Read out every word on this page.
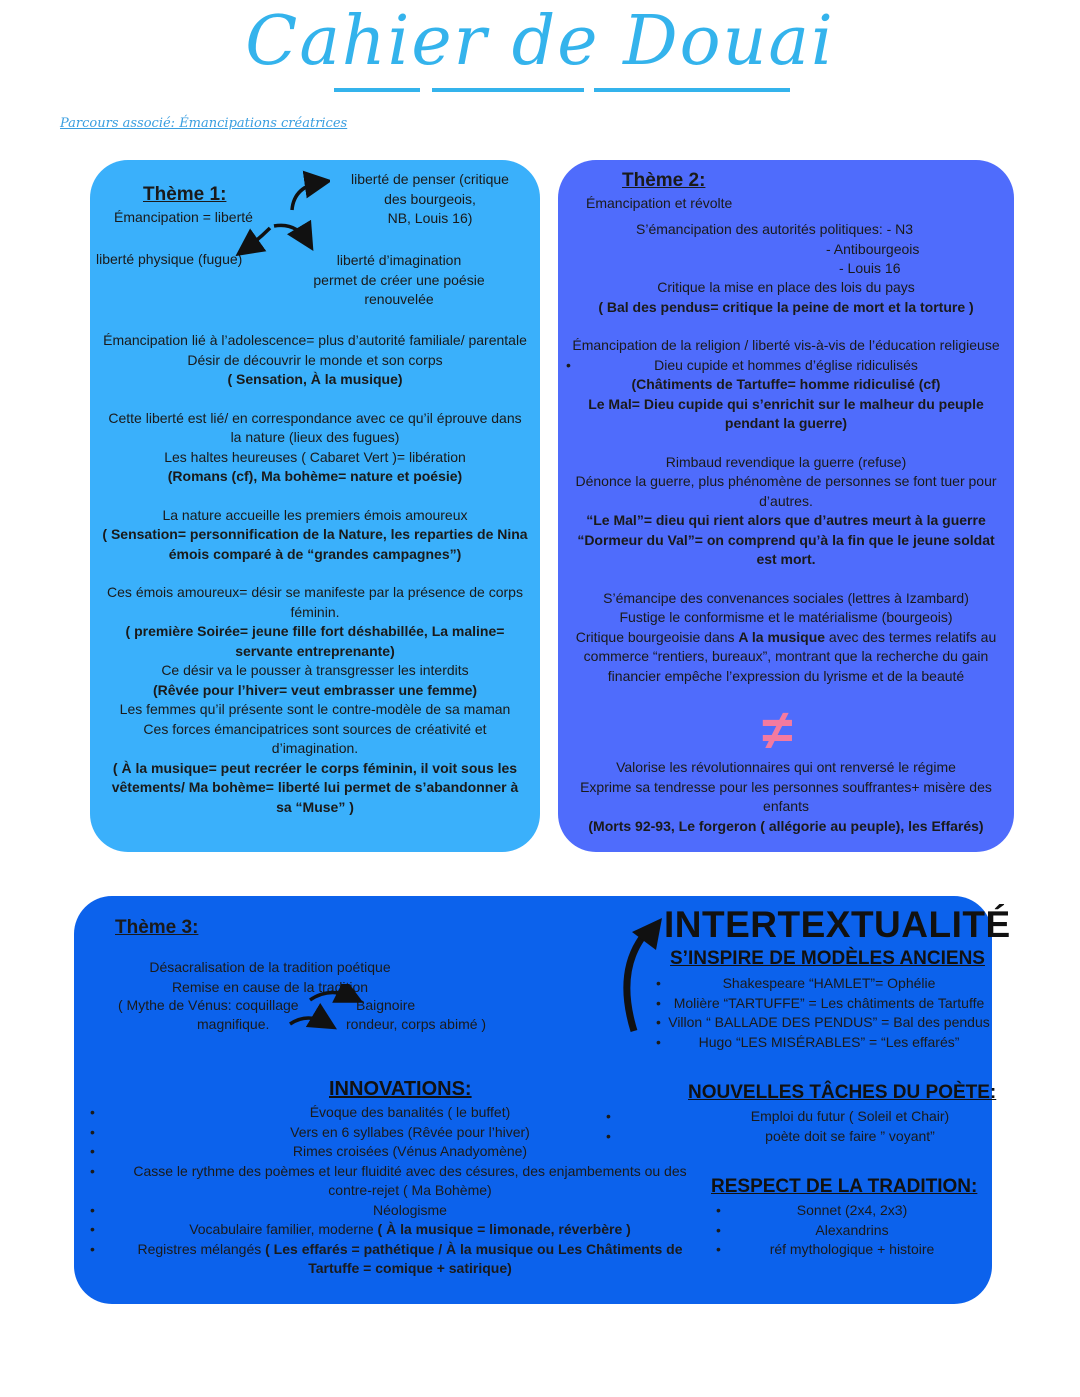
Cahier de Douai
Parcours associé: Émancipations créatrices
Thème 1:
Émancipation = liberté
liberté de penser (critique
des bourgeois,
NB, Louis 16)
liberté physique (fugue)	liberté d’imagination
permet de créer une poésie
renouvelée
Émancipation lié à l’adolescence= plus d’autorité familiale/ parentale
Désir de découvrir le monde et son corps
( Sensation, À la musique)
Cette liberté est lié/ en correspondance avec ce qu’il éprouve dans
la nature (lieux des fugues)
Les haltes heureuses ( Cabaret Vert )= libération
(Romans (cf), Ma bohème= nature et poésie)
La nature accueille les premiers émois amoureux
( Sensation= personnification de la Nature, les reparties de Nina
émois comparé à de “grandes campagnes”)
Ces émois amoureux= désir se manifeste par la présence de corps
féminin.
( première Soirée= jeune fille fort déshabillée, La maline=
servante entreprenante)
Ce désir va le pousser à transgresser les interdits
(Rêvée pour l’hiver= veut embrasser une femme)
Les femmes qu’il présente sont le contre-modèle de sa maman
Ces forces émancipatrices sont sources de créativité et
d’imagination.
( À la musique= peut recréer le corps féminin, il voit sous les
vêtements/ Ma bohème= liberté lui permet de s’abandonner à
sa “Muse” )
Thème 2:
Émancipation et révolte
S’émancipation des autorités politiques: - N3
- Antibourgeois
- Louis 16
Critique la mise en place des lois du pays
( Bal des pendus= critique la peine de mort et la torture )
Émancipation de la religion / liberté vis-à-vis de l’éducation religieuse
Dieu cupide et hommes d’église ridiculisés
(Châtiments de Tartuffe= homme ridiculisé (cf)
Le Mal= Dieu cupide qui s’enrichit sur le malheur du peuple
pendant la guerre)
Rimbaud revendique la guerre (refuse)
Dénonce la guerre, plus phénomène de personnes se font tuer pour
d’autres.
“Le Mal”= dieu qui rient alors que d’autres meurt à la guerre
“Dormeur du Val”= on comprend qu’à la fin que le jeune soldat
est mort.
S’émancipe des convenances sociales (lettres à Izambard)
Fustige le conformisme et le matérialisme (bourgeois)
Critique bourgeoisie dans A la musique avec des termes relatifs au
commerce “rentiers, bureaux”, montrant que la recherche du gain
financier empêche l’expression du lyrisme et de la beauté
•
≠
Valorise les révolutionnaires qui ont renversé le régime
Exprime sa tendresse pour les personnes souffrantes+ misère des
enfants
(Morts 92-93, Le forgeron ( allégorie au peuple), les Effarés)
Thème 3:
Désacralisation de la tradition poétique
Remise en cause de la tradition
( Mythe de Vénus: coquillage
magnifique.
Baignoire
rondeur, corps abimé )
INTERTEXTUALITÉ
S’INSPIRE DE MODÈLES ANCIENS
Shakespeare “HAMLET”= Ophélie
Molière “TARTUFFE” = Les châtiments de Tartuffe
Villon “ BALLADE DES PENDUS” = Bal des pendus
Hugo “LES MISÉRABLES” = “Les effarés”
•
•
•
•
INNOVATIONS:
•
•
•
•

•
•
•
Évoque des banalités ( le buffet)
Vers en 6 syllabes (Rêvée pour l’hiver)
Rimes croisées (Vénus Anadyomène)
Casse le rythme des poèmes et leur fluidité avec des césures, des enjambements ou des
contre-rejet ( Ma Bohème)
Néologisme
Vocabulaire familier, moderne ( À la musique = limonade, réverbère )
Registres mélangés ( Les effarés = pathétique / À la musique ou Les Châtiments de
Tartuffe = comique + satirique)
NOUVELLES TÂCHES DU POÈTE:
•
•
Emploi du futur ( Soleil et Chair)
poète doit se faire ” voyant”
RESPECT DE LA TRADITION:
•
•
•
Sonnet (2x4, 2x3)
Alexandrins
réf mythologique + histoire
